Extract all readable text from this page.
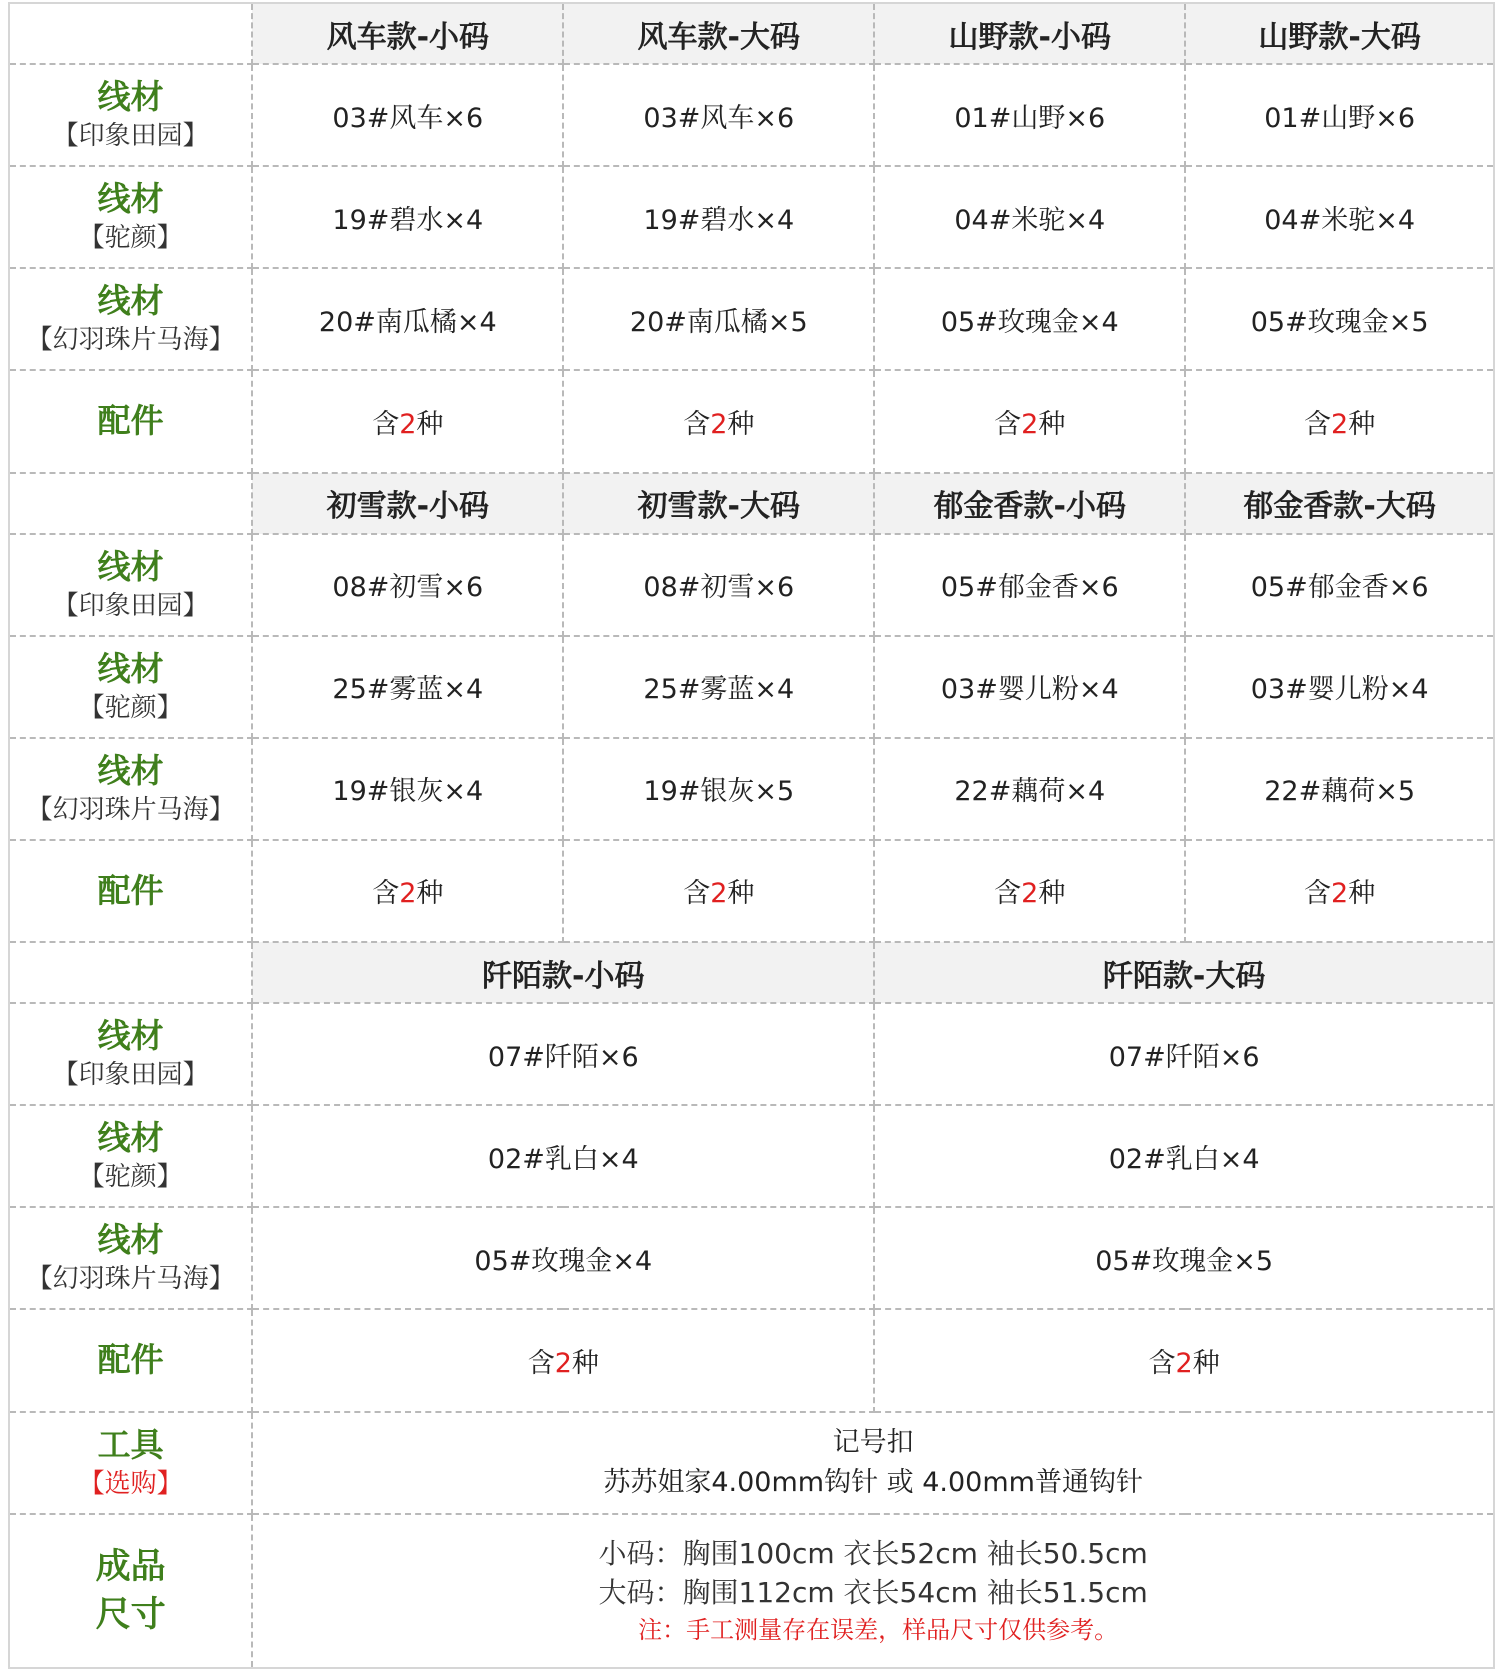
	风车款-小码	风车款-大码	山野款-小码	山野款-大码

线材
【印象田园】	03#风车×6	03#风车×6	01#山野×6	01#山野×6

线材
【驼颜】	19#碧水×4	19#碧水×4	04#米驼×4	04#米驼×4

线材
【幻羽珠片马海】	20#南瓜橘×4	20#南瓜橘×5	05#玫瑰金×4	05#玫瑰金×5

配件	含2种	含2种	含2种	含2种
	初雪款-小码	初雪款-大码	郁金香款-小码	郁金香款-大码

线材
【印象田园】	08#初雪×6	08#初雪×6	05#郁金香×6	05#郁金香×6

线材
【驼颜】	25#雾蓝×4	25#雾蓝×4	03#婴儿粉×4	03#婴儿粉×4

线材
【幻羽珠片马海】	19#银灰×4	19#银灰×5	22#藕荷×4	22#藕荷×5

配件	含2种	含2种	含2种	含2种
	阡陌款-小码		阡陌款-大码	

线材
【印象田园】	07#阡陌×6		07#阡陌×6	

线材
【驼颜】	02#乳白×4		02#乳白×4	

线材
【幻羽珠片马海】	05#玫瑰金×4		05#玫瑰金×5	

配件	含2种		含2种	

工具
【选购】	记号扣
苏苏姐家4.00mm钩针 或 4.00mm普通钩针			

成品
尺寸	小码：胸围100cm 衣长52cm 袖长50.5cm
大码：胸围112cm 衣长54cm 袖长51.5cm
注：手工测量存在误差，样品尺寸仅供参考。			
